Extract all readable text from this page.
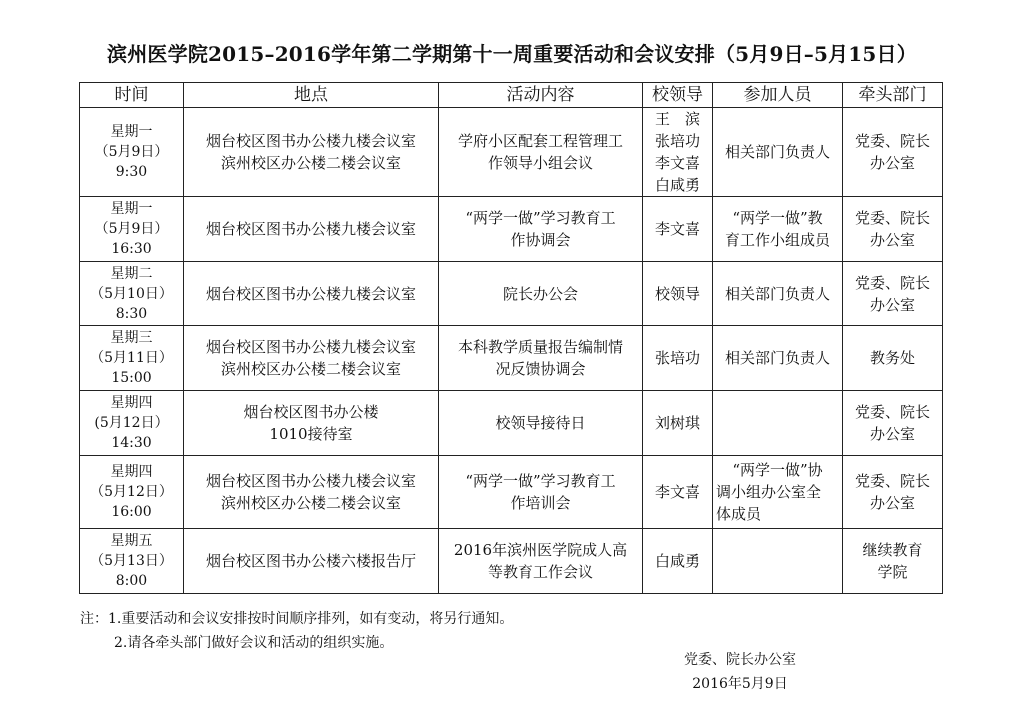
滨州医学院2015–2016学年第二学期第十一周重要活动和会议安排（5月9日–5月15日）
时间	地点	活动内容	校领导	参加人员	牵头部门

星期一
（5月9日）
9:30	烟台校区图书办公楼九楼会议室
滨州校区办公楼二楼会议室	学府小区配套工程管理工
作领导小组会议	王　滨
张培功
李文喜
白咸勇	相关部门负责人	党委、院长
办公室

星期一
（5月9日）
16:30	烟台校区图书办公楼九楼会议室	“两学一做”学习教育工
作协调会	李文喜	“两学一做”教
育工作小组成员	党委、院长
办公室

星期二
（5月10日）
8:30	烟台校区图书办公楼九楼会议室	院长办公会	校领导	相关部门负责人	党委、院长
办公室

星期三
（5月11日）
15:00	烟台校区图书办公楼九楼会议室
滨州校区办公楼二楼会议室	本科教学质量报告编制情
况反馈协调会	张培功	相关部门负责人	教务处

星期四
(5月12日）
14:30	烟台校区图书办公楼
1010接待室	校领导接待日	刘树琪		党委、院长
办公室

星期四
（5月12日）
16:00	烟台校区图书办公楼九楼会议室
滨州校区办公楼二楼会议室	“两学一做”学习教育工
作培训会	李文喜	“两学一做”协
调小组办公室全
体成员	党委、院长
办公室

星期五
（5月13日）
8:00	烟台校区图书办公楼六楼报告厅	2016年滨州医学院成人高
等教育工作会议	白咸勇		继续教育
学院
注：1.重要活动和会议安排按时间顺序排列，如有变动，将另行通知。
2.请各牵头部门做好会议和活动的组织实施。
党委、院长办公室
2016年5月9日
